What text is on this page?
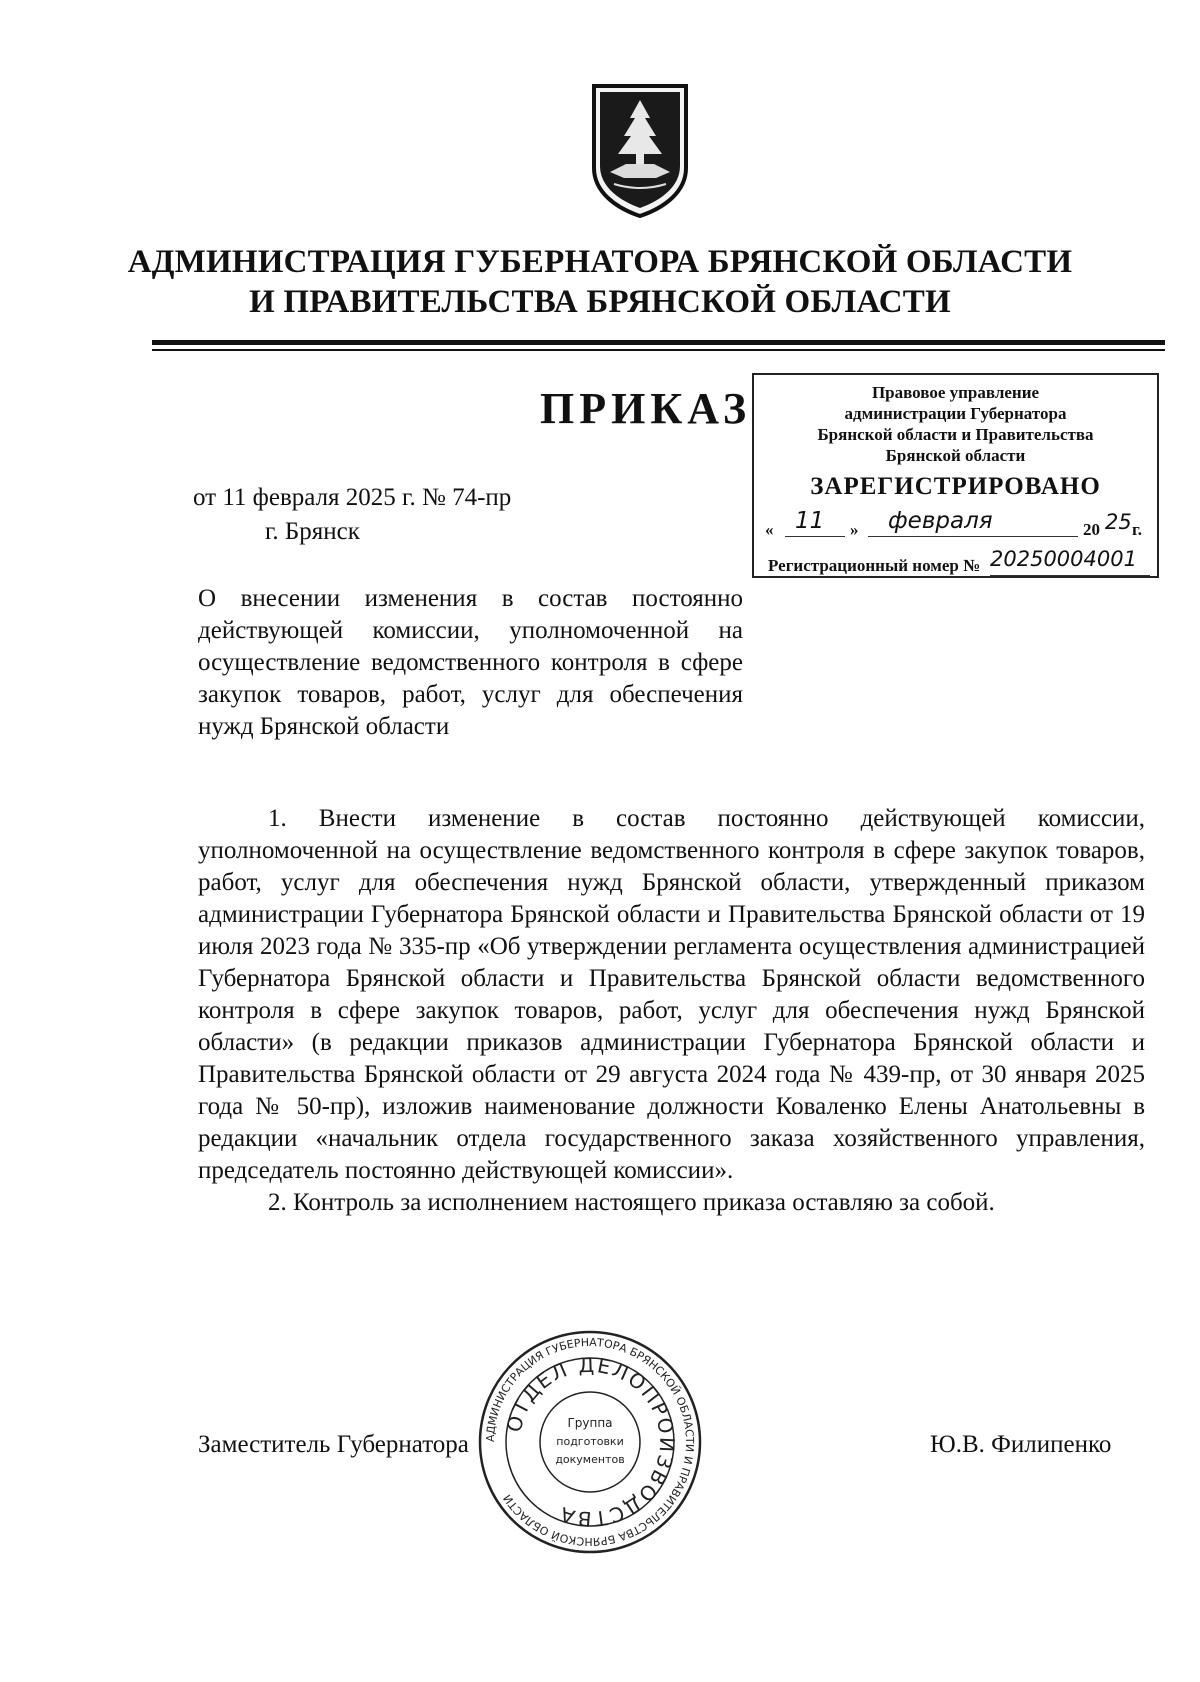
АДМИНИСТРАЦИЯ ГУБЕРНАТОРА БРЯНСКОЙ ОБЛАСТИ
И ПРАВИТЕЛЬСТВА БРЯНСКОЙ ОБЛАСТИ
ПРИКАЗ	Правовое управление
администрации Губернатора
Брянской области и Правительства
Брянской области
ЗАРЕГИСТРИРОВАНО
« 11 » февраля	20 25 г.
Регистрационный номер № 20250004001
от 11 февраля 2025 г. № 74-пр
г. Брянск
О внесении изменения в состав постоянно действующей комиссии, уполномоченной на осуществление ведомственного контроля в сфере закупок товаров, работ, услуг для обеспечения нужд Брянской области

1. Внести изменение в состав постоянно действующей комиссии, уполномоченной на осуществление ведомственного контроля в сфере закупок товаров, работ, услуг для обеспечения нужд Брянской области, утвержденный приказом администрации Губернатора Брянской области и Правительства Брянской области от 19 июля 2023 года № 335-пр «Об утверждении регламента осуществления администрацией Губернатора Брянской области и Правительства Брянской области ведомственного контроля в сфере закупок товаров, работ, услуг для обеспечения нужд Брянской области» (в редакции приказов администрации Губернатора Брянской области и Правительства Брянской области от 29 августа 2024 года № 439-пр, от 30 января 2025 года № 50-пр), изложив наименование должности Коваленко Елены Анатольевны в редакции «начальник отдела государственного заказа хозяйственного управления, председатель постоянно действующей комиссии».

2. Контроль за исполнением настоящего приказа оставляю за собой.

Заместитель Губернатора	Ю.В. Филипенко
АДМИНИСТРАЦИЯ ГУБЕРНАТОРА БРЯНСКОЙ ОБЛАСТИ И ПРАВИТЕЛЬСТВА БРЯНСКОЙ ОБЛАСТИ
ОТДЕЛ ДЕЛОПРОИЗВОДСТВА
Группа
подготовки
документов
